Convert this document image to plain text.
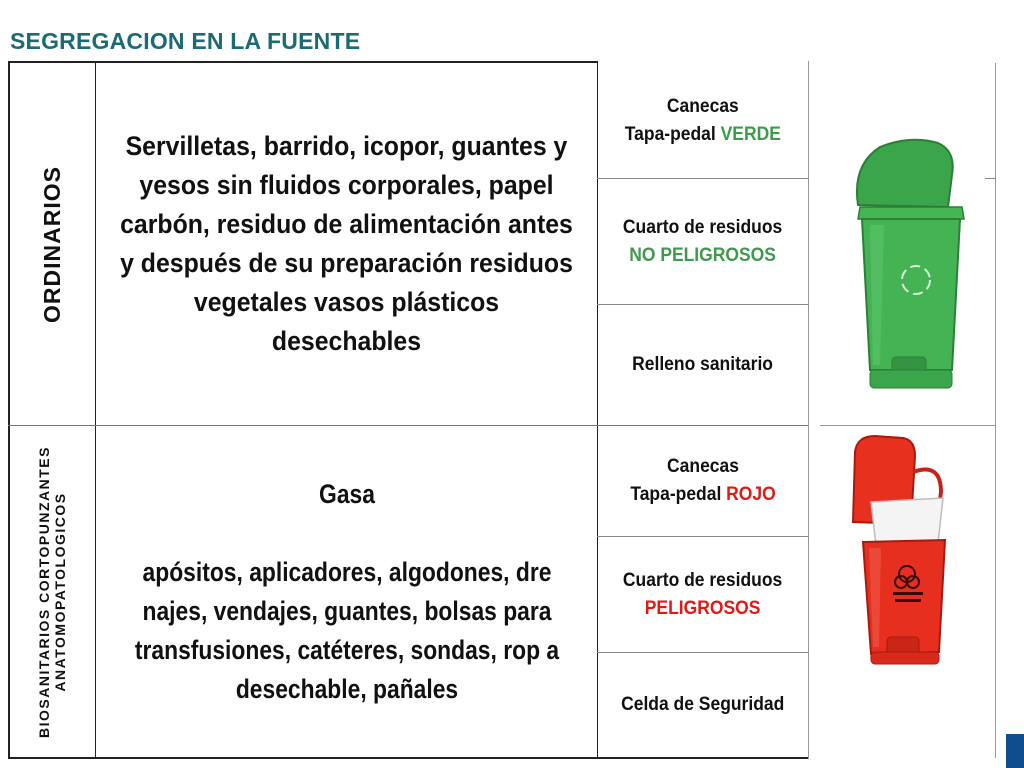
SEGREGACION EN LA FUENTE
ORDINARIOS
Servilletas, barrido, icopor, guantes y yesos sin fluidos corporales, papel carbón, residuo de alimentación antes y después de su preparación residuos vegetales vasos plásticos desechables
Canecas
Tapa-pedal VERDE
Cuarto de residuos
NO PELIGROSOS
Relleno sanitario
BIOSANITARIOS CORTOPUNZANTES
ANATOMOPATOLOGICOS	Gasa

apósitos, aplicadores, algodones, dre najes, vendajes, guantes, bolsas para transfusiones, catéteres, sondas, rop a desechable, pañales
Canecas
Tapa-pedal ROJO
Cuarto de residuos
PELIGROSOS
Celda de Seguridad
